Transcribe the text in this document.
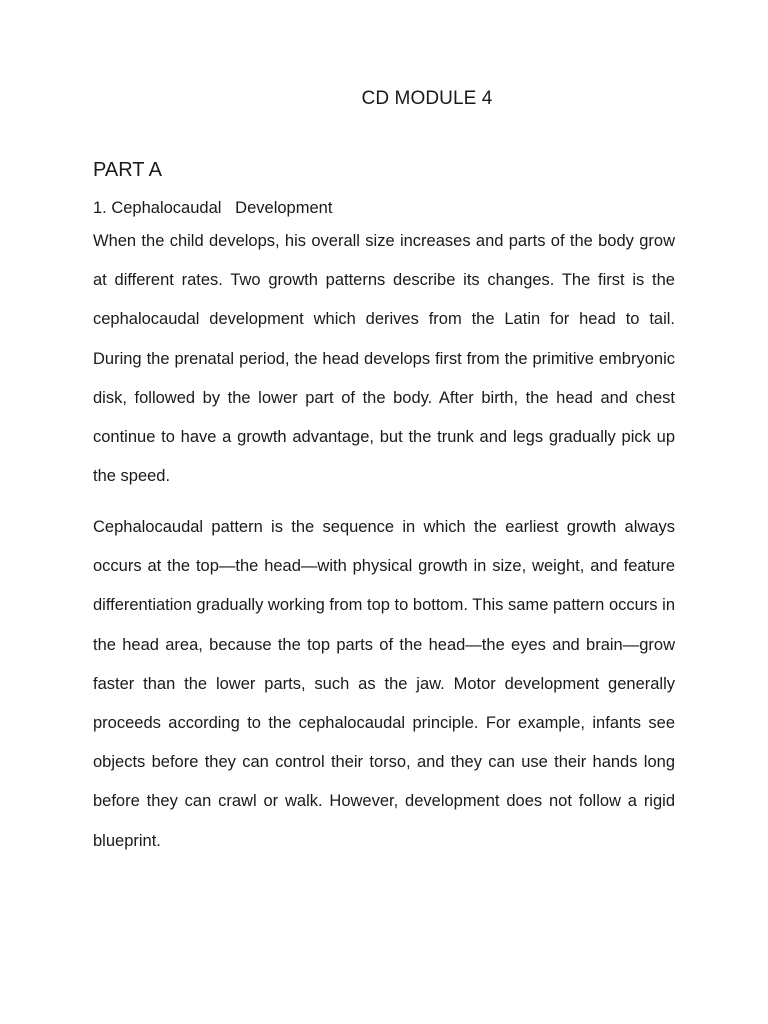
CD MODULE 4
PART A
1. Cephalocaudal   Development

When the child develops, his overall size increases and parts of the body grow at different rates. Two growth patterns describe its changes. The first is the cephalocaudal development which derives from the Latin for head to tail. During the prenatal period, the head develops first from the primitive embryonic disk, followed by the lower part of the body. After birth, the head and chest continue to have a growth advantage, but the trunk and legs gradually pick up the speed.

Cephalocaudal pattern is the sequence in which the earliest growth always occurs at the top—the head—with physical growth in size, weight, and feature differentiation gradually working from top to bottom. This same pattern occurs in the head area, because the top parts of the head—the eyes and brain—grow faster than the lower parts, such as the jaw. Motor development generally proceeds according to the cephalocaudal principle. For example, infants see objects before they can control their torso, and they can use their hands long before they can crawl or walk. However, development does not follow a rigid blueprint.
